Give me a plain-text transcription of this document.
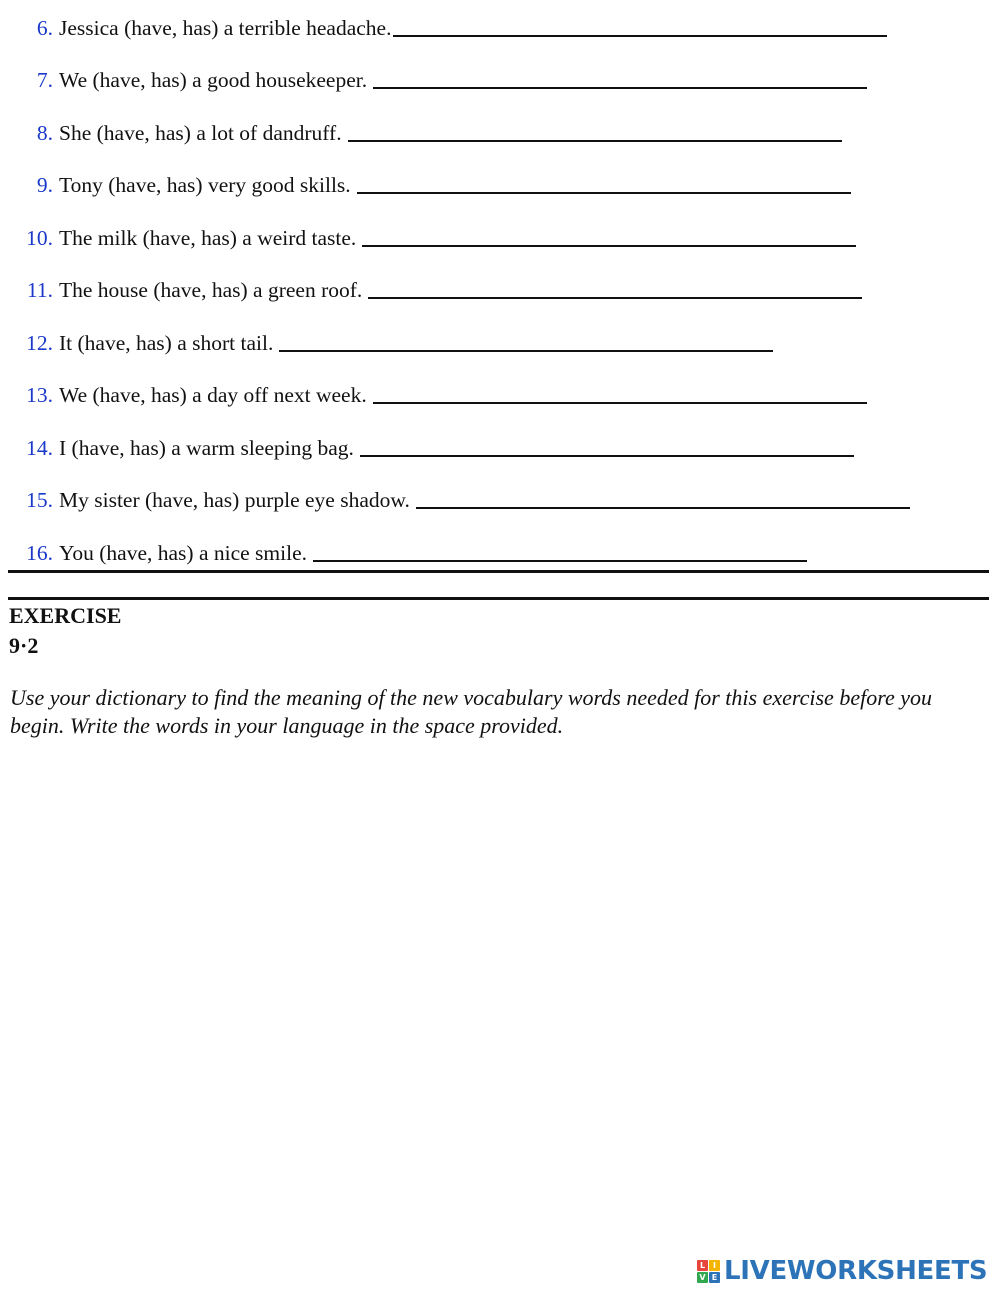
6. Jessica (have, has) a terrible headache.
7. We (have, has) a good housekeeper.
8. She (have, has) a lot of dandruff.
9. Tony (have, has) very good skills.
10. The milk (have, has) a weird taste.
11. The house (have, has) a green roof.
12. It (have, has) a short tail.
13. We (have, has) a day off next week.
14. I (have, has) a warm sleeping bag.
15. My sister (have, has) purple eye shadow.
16. You (have, has) a nice smile.
EXERCISE
9·2
Use your dictionary to find the meaning of the new vocabulary words needed for this exercise before you begin. Write the words in your language in the space provided.
L I
V E LIVEWORKSHEETS
